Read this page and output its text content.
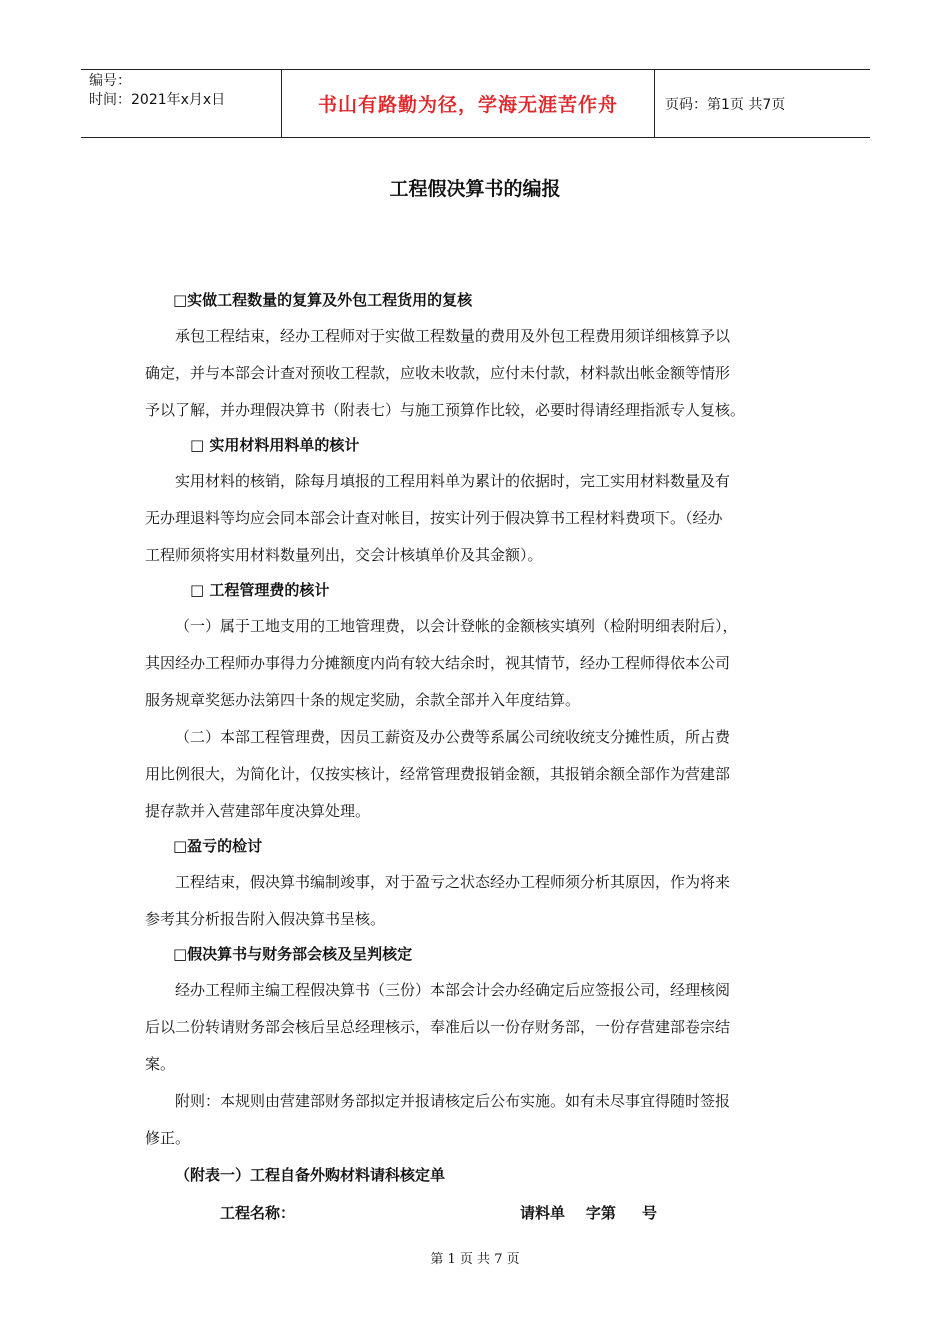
编号：
时间：2021年x月x日	书山有路勤为径，学海无涯苦作舟	页码：第1页 共7页
工程假决算书的编报

□实做工程数量的复算及外包工程货用的复核

承包工程结束，经办工程师对于实做工程数量的费用及外包工程费用须详细核算予以

确定，并与本部会计查对预收工程款，应收未收款，应付未付款，材料款出帐金额等情形

予以了解，并办理假决算书（附表七）与施工预算作比较，必要时得请经理指派专人复核。

□ 实用材料用料单的核计

实用材料的核销，除每月填报的工程用料单为累计的依据时，完工实用材料数量及有

无办理退料等均应会同本部会计查对帐目，按实计列于假决算书工程材料费项下。（经办

工程师须将实用材料数量列出，交会计核填单价及其金额）。

□ 工程管理费的核计

（一）属于工地支用的工地管理费，以会计登帐的金额核实填列（检附明细表附后），

其因经办工程师办事得力分摊额度内尚有较大结余时，视其情节，经办工程师得依本公司

服务规章奖惩办法第四十条的规定奖励，余款全部并入年度结算。

（二）本部工程管理费，因员工薪资及办公费等系属公司统收统支分摊性质，所占费

用比例很大，为简化计，仅按实核计，经常管理费报销金额，其报销余额全部作为营建部

提存款并入营建部年度决算处理。

□盈亏的检讨

工程结束，假决算书编制竣事，对于盈亏之状态经办工程师须分析其原因，作为将来

参考其分析报告附入假决算书呈核。

□假决算书与财务部会核及呈判核定

经办工程师主编工程假决算书（三份）本部会计会办经确定后应签报公司，经理核阅

后以二份转请财务部会核后呈总经理核示，奉准后以一份存财务部，一份存营建部卷宗结

案。

附则：本规则由营建部财务部拟定并报请核定后公布实施。如有未尽事宜得随时签报

修正。

（附表一）工程自备外购材料请科核定单

工程名称：	请料单    字第     号
第 1 页 共 7 页
